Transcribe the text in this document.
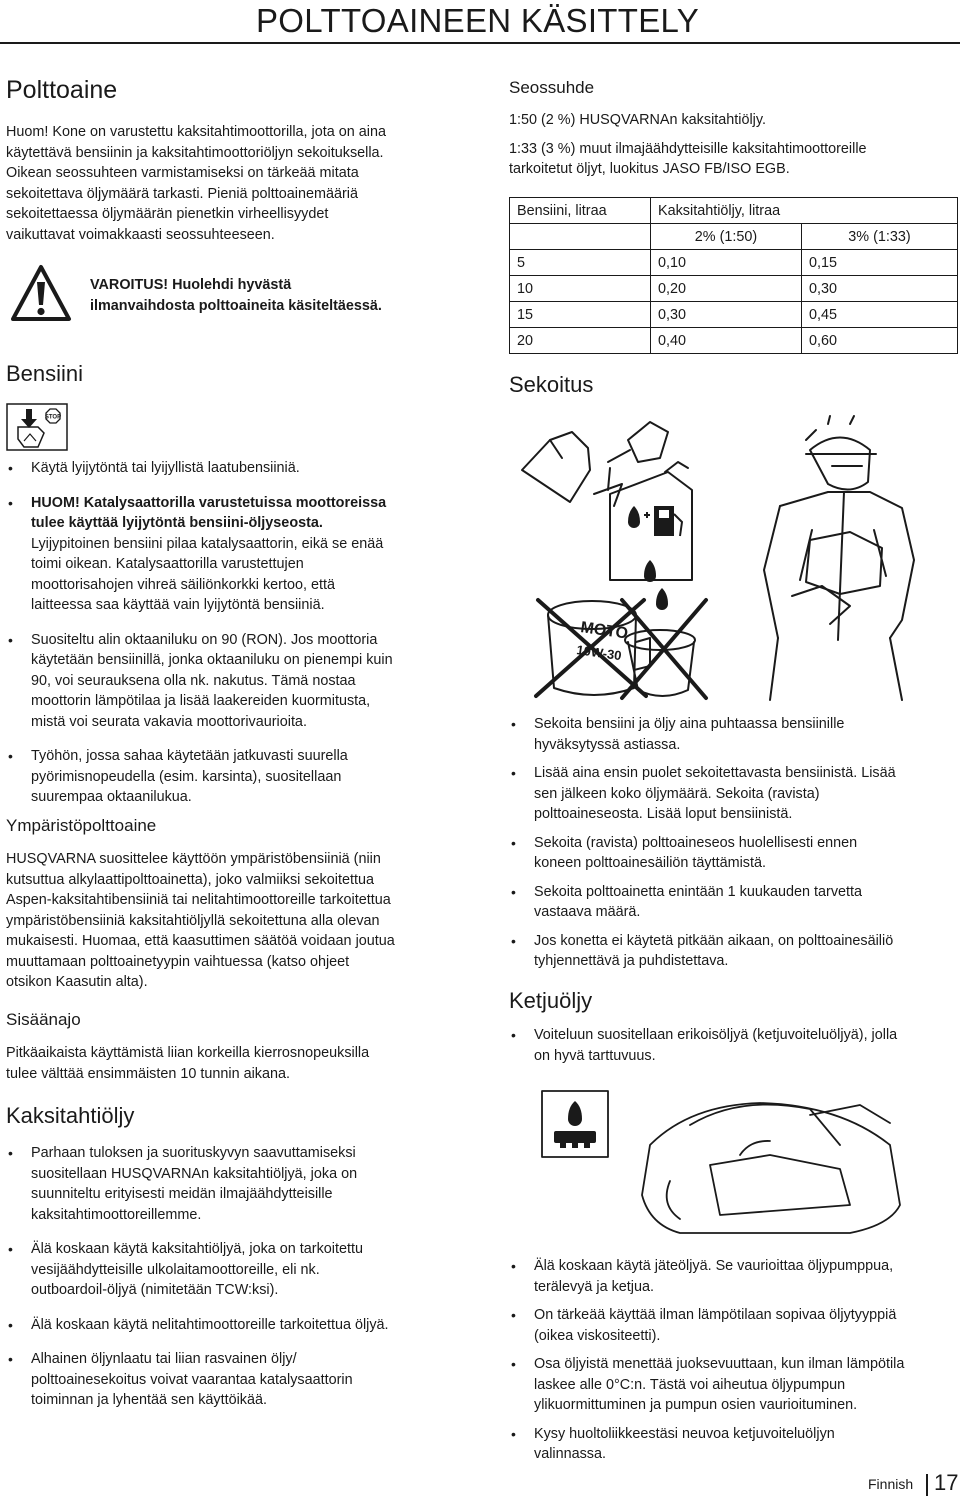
POLTTOAINEEN KÄSITTELY
Polttoaine
Huom! Kone on varustettu kaksitahtimoottorilla, jota on aina
käytettävä bensiinin ja kaksitahtimoottoriöljyn sekoituksella.
Oikean seossuhteen varmistamiseksi on tärkeää mitata
sekoitettava öljymäärä tarkasti. Pieniä polttoainemääriä
sekoitettaessa öljymäärän pienetkin virheellisyydet
vaikuttavat voimakkaasti seossuhteeseen.
VAROITUS! Huolehdi hyvästä
ilmanvaihdosta polttoaineita käsiteltäessä.
Bensiini
STOP
• Käytä lyijytöntä tai lyijyllistä laatubensiiniä.
• HUOM! Katalysaattorilla varustetuissa moottoreissa
tulee käyttää lyijytöntä bensiini-öljyseosta.
Lyijypitoinen bensiini pilaa katalysaattorin, eikä se enää
toimi oikean. Katalysaattorilla varustettujen
moottorisahojen vihreä säiliönkorkki kertoo, että
laitteessa saa käyttää vain lyijytöntä bensiiniä.
• Suositeltu alin oktaaniluku on 90 (RON). Jos moottoria
käytetään bensiinillä, jonka oktaaniluku on pienempi kuin
90, voi seurauksena olla nk. nakutus. Tämä nostaa
moottorin lämpötilaa ja lisää laakereiden kuormitusta,
mistä voi seurata vakavia moottorivaurioita.
• Työhön, jossa sahaa käytetään jatkuvasti suurella
pyörimisnopeudella (esim. karsinta), suositellaan
suurempaa oktaanilukua.
Ympäristöpolttoaine
HUSQVARNA suosittelee käyttöön ympäristöbensiiniä (niin
kutsuttua alkylaattipolttoainetta), joko valmiiksi sekoitettua
Aspen-kaksitahtibensiiniä tai nelitahtimoottoreille tarkoitettua
ympäristöbensiiniä kaksitahtiöljyllä sekoitettuna alla olevan
mukaisesti. Huomaa, että kaasuttimen säätöä voidaan joutua
muuttamaan polttoainetyypin vaihtuessa (katso ohjeet
otsikon Kaasutin alta).
Sisäänajo
Pitkäaikaista käyttämistä liian korkeilla kierrosnopeuksilla
tulee välttää ensimmäisten 10 tunnin aikana.
Kaksitahtiöljy
• Parhaan tuloksen ja suorituskyvyn saavuttamiseksi
suositellaan HUSQVARNAn kaksitahtiöljyä, joka on
suunniteltu erityisesti meidän ilmajäähdytteisille
kaksitahtimoottoreillemme.
• Älä koskaan käytä kaksitahtiöljyä, joka on tarkoitettu
vesijäähdytteisille ulkolaitamoottoreille, eli nk.
outboardoil-öljyä (nimitetään TCW:ksi).
• Älä koskaan käytä nelitahtimoottoreille tarkoitettua öljyä.
• Alhainen öljynlaatu tai liian rasvainen öljy/
polttoainesekoitus voivat vaarantaa katalysaattorin
toiminnan ja lyhentää sen käyttöikää.
Seossuhde
1:50 (2 %) HUSQVARNAn kaksitahtiöljy.
1:33 (3 %) muut ilmajäähdytteisille kaksitahtimoottoreille
tarkoitetut öljyt, luokitus JASO FB/ISO EGB.
Bensiini, litraa	Kaksitahtiöljy, litraa	
	2% (1:50)	3% (1:33)
5	0,10	0,15
10	0,20	0,30
15	0,30	0,45
20	0,40	0,60
Sekoitus
MOTO
10W-30
• Sekoita bensiini ja öljy aina puhtaassa bensiinille
hyväksytyssä astiassa.
• Lisää aina ensin puolet sekoitettavasta bensiinistä. Lisää
sen jälkeen koko öljymäärä. Sekoita (ravista)
polttoaineseosta. Lisää loput bensiinistä.
• Sekoita (ravista) polttoaineseos huolellisesti ennen
koneen polttoainesäiliön täyttämistä.
• Sekoita polttoainetta enintään 1 kuukauden tarvetta
vastaava määrä.
• Jos konetta ei käytetä pitkään aikaan, on polttoainesäiliö
tyhjennettävä ja puhdistettava.
Ketjuöljy
• Voiteluun suositellaan erikoisöljyä (ketjuvoiteluöljyä), jolla
on hyvä tarttuvuus.
• Älä koskaan käytä jäteöljyä. Se vaurioittaa öljypumppua,
terälevyä ja ketjua.
• On tärkeää käyttää ilman lämpötilaan sopivaa öljytyyppiä
(oikea viskositeetti).
• Osa öljyistä menettää juoksevuuttaan, kun ilman lämpötila
laskee alle 0°C:n. Tästä voi aiheutua öljypumpun
ylikuormittuminen ja pumpun osien vaurioituminen.
• Kysy huoltoliikkeestäsi neuvoa ketjuvoiteluöljyn
valinnassa.
Finnish 17
